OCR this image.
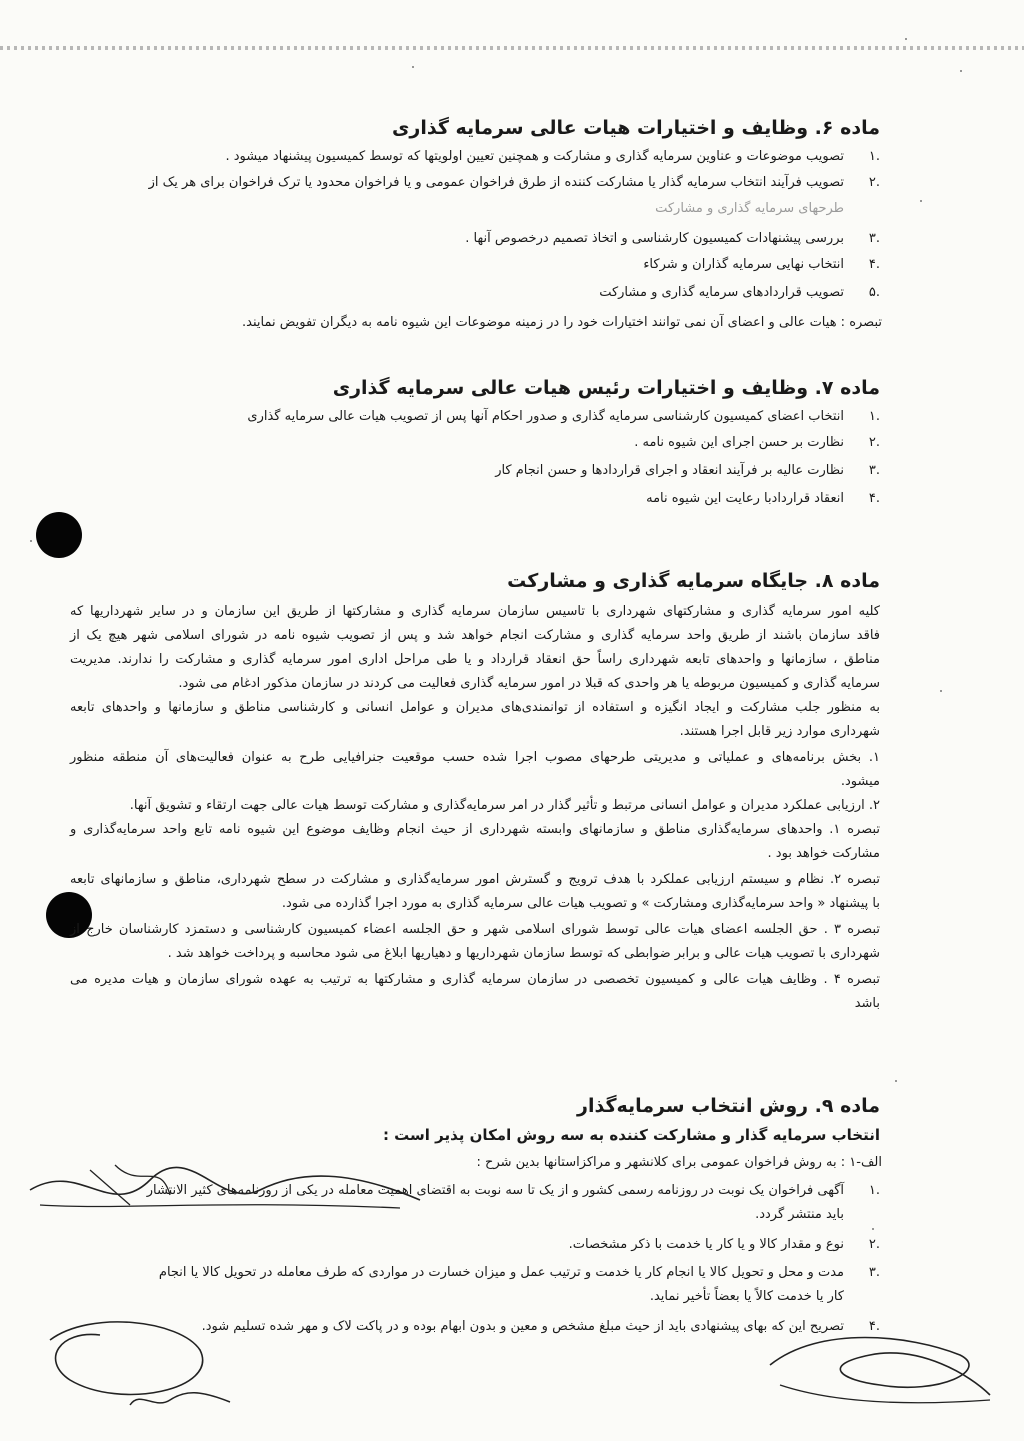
ماده ۶. وظایف و اختیارات هیات عالی سرمایه گذاری
.۱تصویب موضوعات و عناوین سرمایه گذاری و مشارکت و همچنین تعیین اولویتها که توسط کمیسیون پیشنهاد میشود .
.۲تصویب فرآیند انتخاب سرمایه گذار یا مشارکت کننده از طرق فراخوان عمومی و یا فراخوان محدود یا ترک فراخوان برای هر یک از
طرحهای سرمایه گذاری و مشارکت
.۳بررسی پیشنهادات کمیسیون کارشناسی و اتخاذ تصمیم درخصوص آنها .
.۴انتخاب نهایی سرمایه گذاران و شرکاء
.۵تصویب قراردادهای سرمایه گذاری و مشارکت
تبصره : هیات عالی و اعضای آن نمی توانند اختیارات خود را در زمینه موضوعات این شیوه نامه به دیگران تفویض نمایند.
ماده ۷. وظایف و اختیارات رئیس هیات عالی سرمایه گذاری
.۱انتخاب اعضای کمیسیون کارشناسی سرمایه گذاری و صدور احکام آنها پس از تصویب هیات عالی سرمایه گذاری
.۲نظارت بر حسن اجرای این شیوه نامه .
.۳نظارت عالیه بر فرآیند انعقاد و اجرای قراردادها و حسن انجام کار
.۴انعقاد قراردادبا رعایت این شیوه نامه
ماده ۸. جایگاه سرمایه گذاری و مشارکت
کلیه امور سرمایه گذاری و مشارکتهای شهرداری با تاسیس سازمان سرمایه گذاری و مشارکتها از طریق این سازمان و در سایر شهرداریها که
فاقد سازمان باشند از طریق واحد سرمایه گذاری و مشارکت انجام خواهد شد و پس از تصویب شیوه نامه در شورای اسلامی شهر هیچ یک از
مناطق ، سازمانها و واحدهای تابعه شهرداری راساً حق انعقاد قرارداد و یا طی مراحل اداری امور سرمایه گذاری و مشارکت را ندارند. مدیریت
سرمایه گذاری و کمیسیون مربوطه یا هر واحدی که قبلا در امور سرمایه گذاری فعالیت می کردند در سازمان مذکور ادغام می شود.
به منظور جلب مشارکت و ایجاد انگیزه و استفاده از توانمندی‌های مدیران و عوامل انسانی و کارشناسی مناطق و سازمانها و واحدهای تابعه
شهرداری موارد زیر قابل اجرا هستند.
۱. بخش برنامه‌های و عملیاتی و مدیریتی طرحهای مصوب اجرا شده حسب موقعیت جنرافیایی طرح به عنوان فعالیت‌های آن منطقه منظور
میشود.
۲. ارزیابی عملکرد مدیران و عوامل انسانی مرتبط و تأثیر گذار در امر سرمایه‌گذاری و مشارکت توسط هیات عالی جهت ارتقاء و تشویق آنها.
تبصره ۱. واحدهای سرمایه‌گذاری مناطق و سازمانهای وابسته شهرداری از حیث انجام وظایف موضوع این شیوه نامه تابع واحد سرمایه‌گذاری و
مشارکت خواهد بود .
تبصره ۲. نظام و سیستم ارزیابی عملکرد با هدف ترویج و گسترش امور سرمایه‌گذاری و مشارکت در سطح شهرداری، مناطق و سازمانهای تابعه
با پیشنهاد « واحد سرمایه‌گذاری ومشارکت » و تصویب هیات عالی سرمایه گذاری به مورد اجرا گذارده می شود.
تبصره ۳ . حق الجلسه اعضای هیات عالی توسط شورای اسلامی شهر و حق الجلسه اعضاء کمیسیون کارشناسی و دستمزد کارشناسان خارج از
شهرداری با تصویب هیات عالی و برابر ضوابطی که توسط سازمان شهرداریها و دهیاریها ابلاغ می شود محاسبه و پرداخت خواهد شد .
تبصره ۴ . وظایف هیات عالی و کمیسیون تخصصی در سازمان سرمایه گذاری و مشارکتها به ترتیب به عهده شورای سازمان و هیات مدیره می
باشد
ماده ۹. روش انتخاب سرمایه‌گذار
انتخاب سرمایه گذار و مشارکت کننده به سه روش امکان پذیر است :
الف-۱ : به روش فراخوان عمومی برای کلانشهر و مراکزاستانها بدین شرح :
.۱آگهی فراخوان یک نوبت در روزنامه رسمی کشور و از یک تا سه نوبت به اقتضای اهمیت معامله در یکی از روزنامه‌های کثیر الانتشار
باید منتشر گردد.
.۲نوع و مقدار کالا و یا کار یا خدمت با ذکر مشخصات.
.۳مدت و محل و تحویل کالا یا انجام کار یا خدمت و ترتیب عمل و میزان خسارت در مواردی که طرف معامله در تحویل کالا یا انجام
کار یا خدمت کالاً یا بعضاً تأخیر نماید.
.۴تصریح این که بهای پیشنهادی باید از حیث مبلغ مشخص و معین و بدون ابهام بوده و در پاکت لاک و مهر شده تسلیم شود.
